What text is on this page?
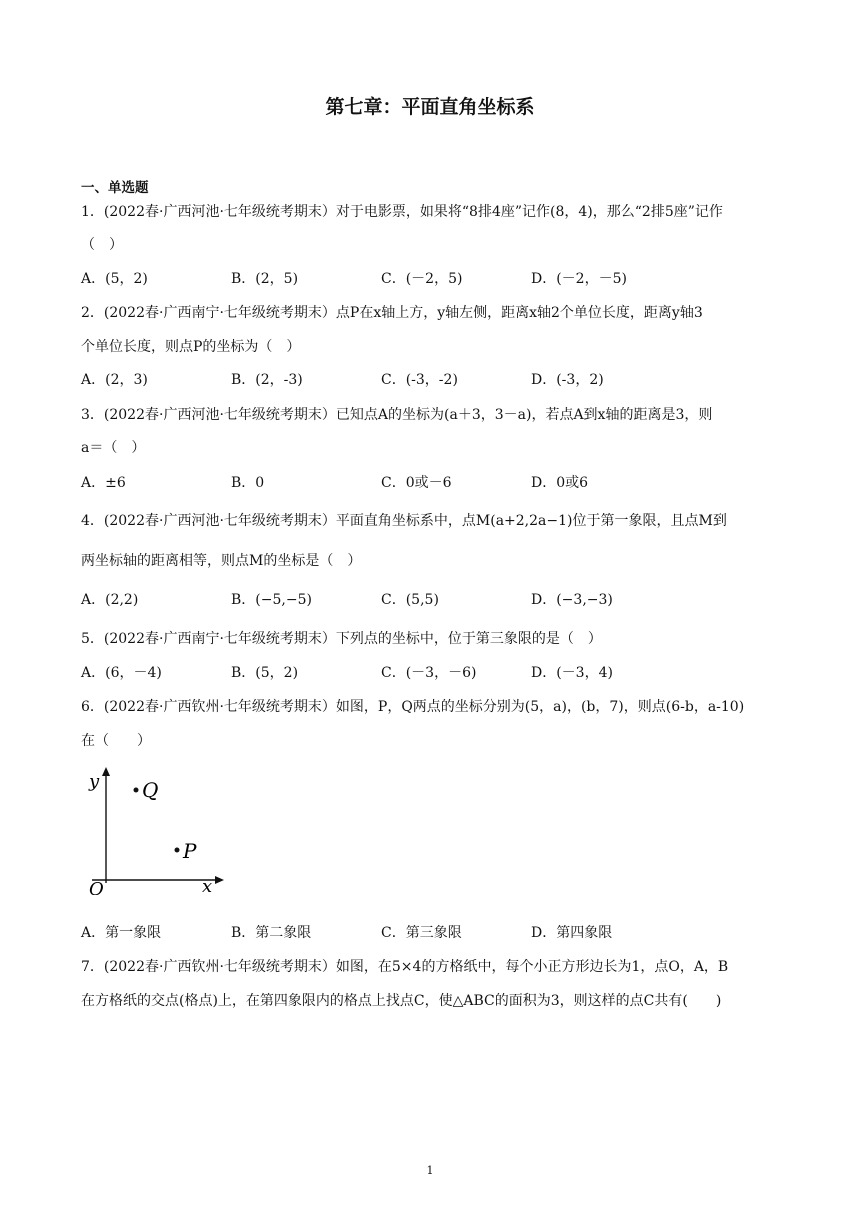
第七章：平面直角坐标系
一、单选题
1．(2022春·广西河池·七年级统考期末）对于电影票，如果将“8排4座”记作(8，4)，那么“2排5座”记作
（　）
A．(5，2)	B．(2，5)	C．(－2，5)	D．(－2，－5)
2．(2022春·广西南宁·七年级统考期末）点P在x轴上方，y轴左侧，距离x轴2个单位长度，距离y轴3
个单位长度，则点P的坐标为（　）
A．(2，3)	B．(2，-3)	C．(-3，-2)	D．(-3，2)
3．(2022春·广西河池·七年级统考期末）已知点A的坐标为(a＋3，3－a)，若点A到x轴的距离是3，则
a＝（　）
A．±6	B．0	C．0或－6	D．0或6
4．(2022春·广西河池·七年级统考期末）平面直角坐标系中，点M(a+2,2a−1)位于第一象限，且点M到
两坐标轴的距离相等，则点M的坐标是（　）
A．(2,2)	B．(−5,−5)	C．(5,5)	D．(−3,−3)
5．(2022春·广西南宁·七年级统考期末）下列点的坐标中，位于第三象限的是（　）
A．(6，－4)	B．(5，2)	C．(－3，－6)	D．(－3，4)
6．(2022春·广西钦州·七年级统考期末）如图，P，Q两点的坐标分别为(5，a)，(b，7)，则点(6-b，a-10)
在（　　）
y
x
O
Q
P
A．第一象限	B．第二象限	C．第三象限	D．第四象限
7．(2022春·广西钦州·七年级统考期末）如图，在5×4的方格纸中，每个小正方形边长为1，点O，A，B
在方格纸的交点(格点)上，在第四象限内的格点上找点C，使△ABC的面积为3，则这样的点C共有(　　)
1
